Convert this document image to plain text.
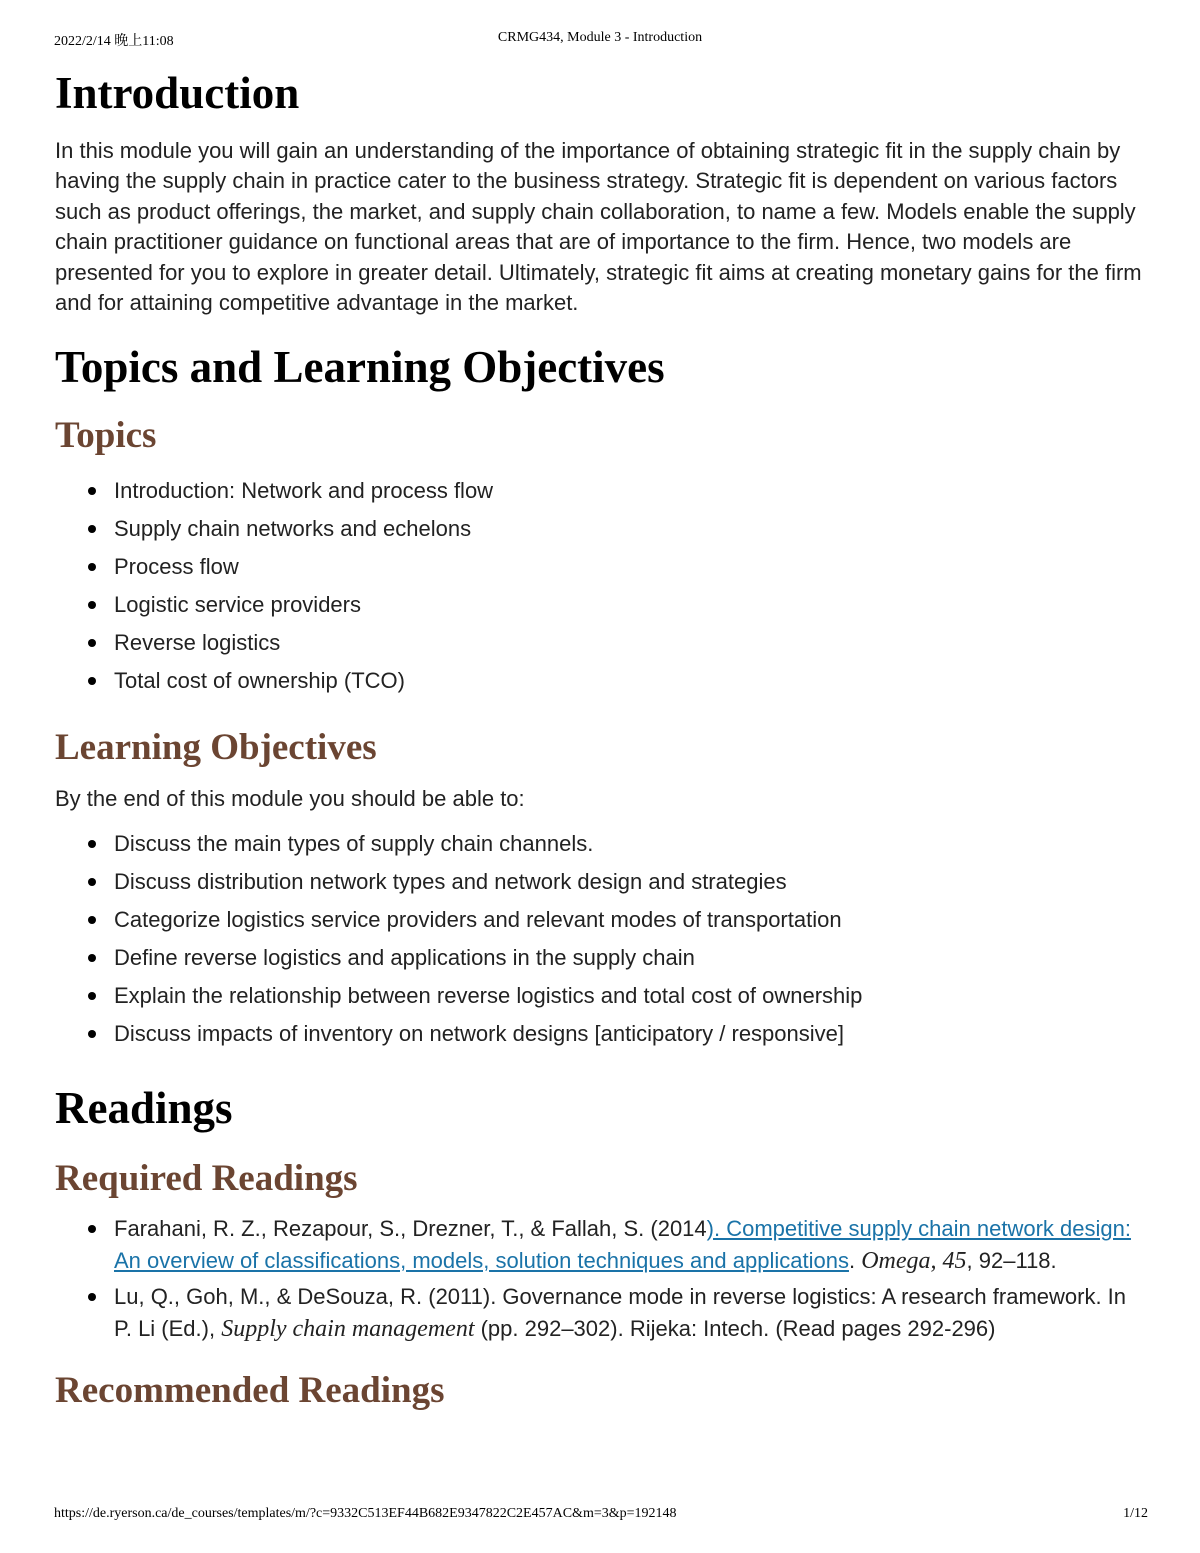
2022/2/14 晚上11:08	CRMG434, Module 3 - Introduction
Introduction

In this module you will gain an understanding of the importance of obtaining strategic fit in the supply chain by having the supply chain in practice cater to the business strategy. Strategic fit is dependent on various factors such as product offerings, the market, and supply chain collaboration, to name a few. Models enable the supply chain practitioner guidance on functional areas that are of importance to the firm. Hence, two models are presented for you to explore in greater detail. Ultimately, strategic fit aims at creating monetary gains for the firm and for attaining competitive advantage in the market.

Topics and Learning Objectives
Topics
Introduction: Network and process flow
Supply chain networks and echelons
Process flow
Logistic service providers
Reverse logistics
Total cost of ownership (TCO)
Learning Objectives

By the end of this module you should be able to:

Discuss the main types of supply chain channels.
Discuss distribution network types and network design and strategies
Categorize logistics service providers and relevant modes of transportation
Define reverse logistics and applications in the supply chain
Explain the relationship between reverse logistics and total cost of ownership
Discuss impacts of inventory on network designs [anticipatory / responsive]
Readings
Required Readings
Farahani, R. Z., Rezapour, S., Drezner, T., & Fallah, S. (2014). Competitive supply chain network design: An overview of classifications, models, solution techniques and applications. Omega, 45, 92–118.
Lu, Q., Goh, M., & DeSouza, R. (2011). Governance mode in reverse logistics: A research framework. In P. Li (Ed.), Supply chain management (pp. 292–302). Rijeka: Intech. (Read pages 292-296)
Recommended Readings
https://de.ryerson.ca/de_courses/templates/m/?c=9332C513EF44B682E9347822C2E457AC&m=3&p=192148	1/12
